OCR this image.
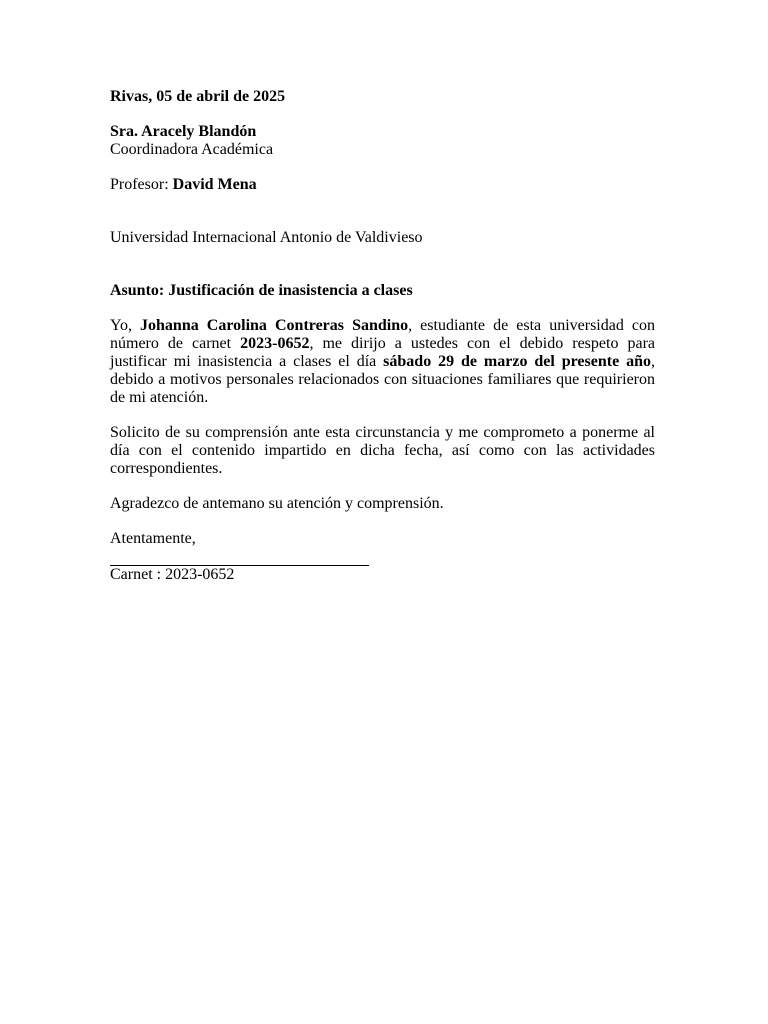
Rivas, 05 de abril de 2025
Sra. Aracely Blandón
Coordinadora Académica
Profesor: David Mena
Universidad Internacional Antonio de Valdivieso
Asunto: Justificación de inasistencia a clases

Yo, Johanna Carolina Contreras Sandino, estudiante de esta universidad con número de carnet 2023-0652, me dirijo a ustedes con el debido respeto para justificar mi inasistencia a clases el día sábado 29 de marzo del presente año, debido a motivos personales relacionados con situaciones familiares que requirieron de mi atención.

Solicito de su comprensión ante esta circunstancia y me comprometo a ponerme al día con el contenido impartido en dicha fecha, así como con las actividades correspondientes.

Agradezco de antemano su atención y comprensión.
Atentamente,
Carnet : 2023-0652
